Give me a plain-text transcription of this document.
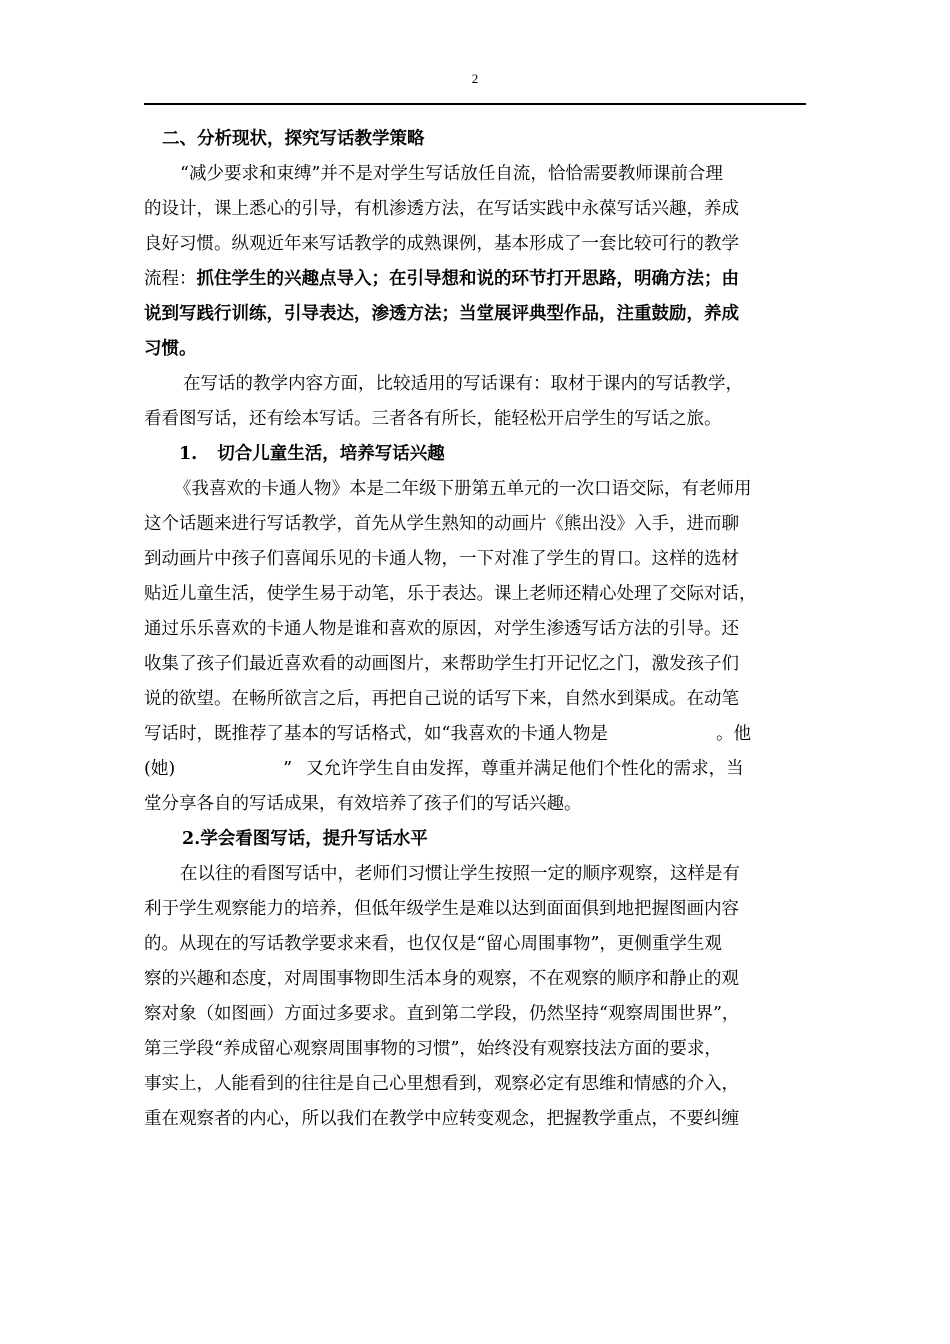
2
二、分析现状，探究写话教学策略
“减少要求和束缚”并不是对学生写话放任自流，恰恰需要教师课前合理
的设计，课上悉心的引导，有机渗透方法，在写话实践中永葆写话兴趣，养成
良好习惯。纵观近年来写话教学的成熟课例，基本形成了一套比较可行的教学
流程：抓住学生的兴趣点导入；在引导想和说的环节打开思路，明确方法；由
说到写践行训练，引导表达，渗透方法；当堂展评典型作品，注重鼓励，养成
习惯。
在写话的教学内容方面，比较适用的写话课有：取材于课内的写话教学，
看看图写话，还有绘本写话。三者各有所长，能轻松开启学生的写话之旅。
1. 切合儿童生活，培养写话兴趣
《我喜欢的卡通人物》本是二年级下册第五单元的一次口语交际，有老师用
这个话题来进行写话教学，首先从学生熟知的动画片《熊出没》入手，进而聊
到动画片中孩子们喜闻乐见的卡通人物，一下对准了学生的胃口。这样的选材
贴近儿童生活，使学生易于动笔，乐于表达。课上老师还精心处理了交际对话，
通过乐乐喜欢的卡通人物是谁和喜欢的原因，对学生渗透写话方法的引导。还
收集了孩子们最近喜欢看的动画图片，来帮助学生打开记忆之门，激发孩子们
说的欲望。在畅所欲言之后，再把自己说的话写下来，自然水到渠成。在动笔
写话时，既推荐了基本的写话格式，如“我喜欢的卡通人物是	。他
(她)	” 又允许学生自由发挥，尊重并满足他们个性化的需求，当
堂分享各自的写话成果，有效培养了孩子们的写话兴趣。
2.学会看图写话，提升写话水平
在以往的看图写话中，老师们习惯让学生按照一定的顺序观察，这样是有
利于学生观察能力的培养，但低年级学生是难以达到面面俱到地把握图画内容
的。从现在的写话教学要求来看，也仅仅是“留心周围事物”，更侧重学生观
察的兴趣和态度，对周围事物即生活本身的观察，不在观察的顺序和静止的观
察对象（如图画）方面过多要求。直到第二学段，仍然坚持“观察周围世界”，
第三学段“养成留心观察周围事物的习惯”，始终没有观察技法方面的要求，
事实上，人能看到的往往是自己心里想看到，观察必定有思维和情感的介入，
重在观察者的内心，所以我们在教学中应转变观念，把握教学重点，不要纠缠
